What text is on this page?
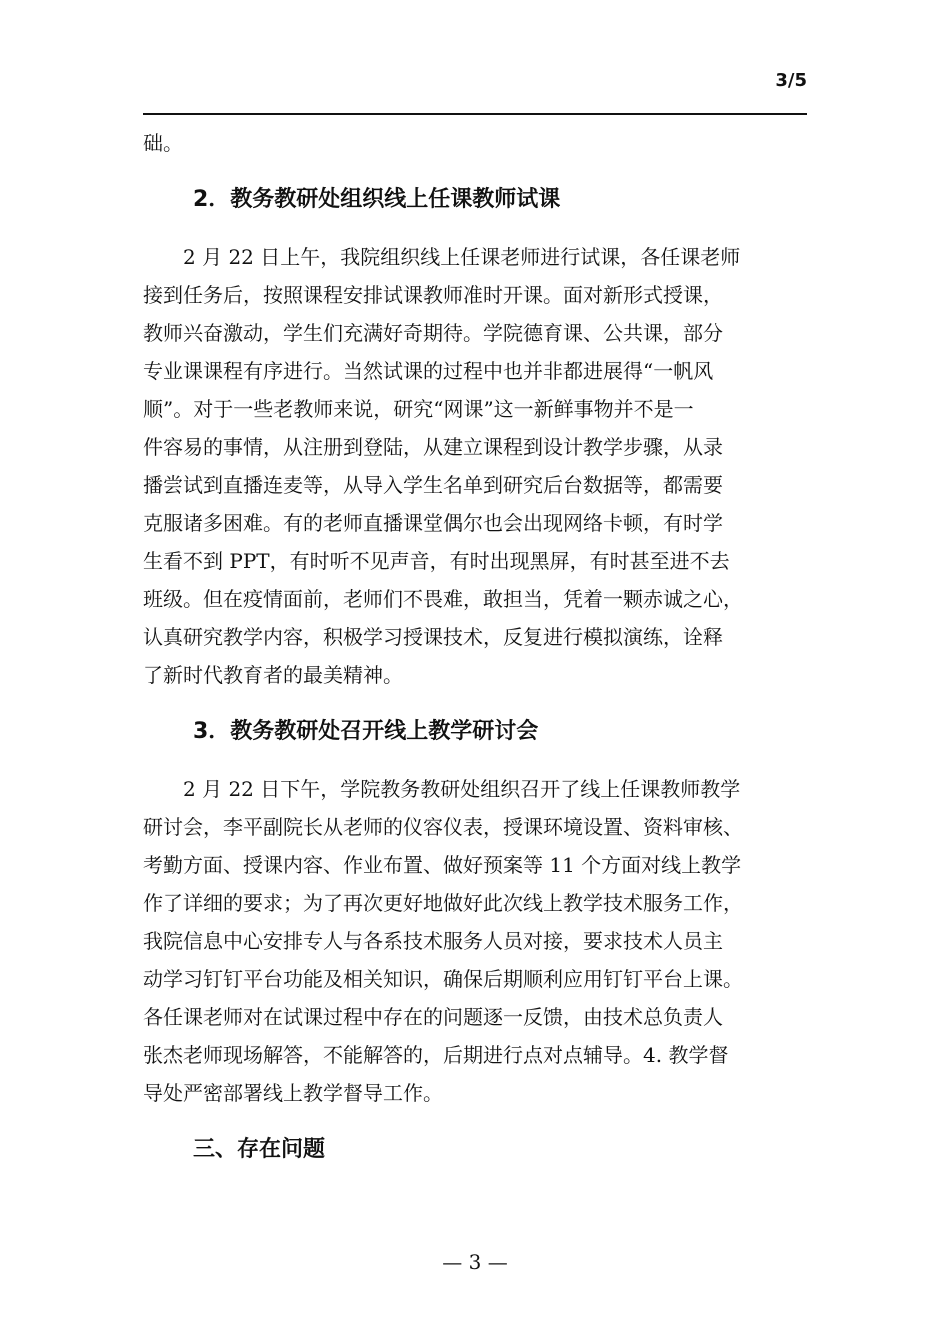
3/5
础。
2．教务教研处组织线上任课教师试课
2 月 22 日上午，我院组织线上任课老师进行试课，各任课老师
接到任务后，按照课程安排试课教师准时开课。面对新形式授课，
教师兴奋激动，学生们充满好奇期待。学院德育课、公共课，部分
专业课课程有序进行。当然试课的过程中也并非都进展得“一帆风
顺”。对于一些老教师来说，研究“网课”这一新鲜事物并不是一
件容易的事情，从注册到登陆，从建立课程到设计教学步骤，从录
播尝试到直播连麦等，从导入学生名单到研究后台数据等，都需要
克服诸多困难。有的老师直播课堂偶尔也会出现网络卡顿，有时学
生看不到 PPT，有时听不见声音，有时出现黑屏，有时甚至进不去
班级。但在疫情面前，老师们不畏难，敢担当，凭着一颗赤诚之心，
认真研究教学内容，积极学习授课技术，反复进行模拟演练，诠释
了新时代教育者的最美精神。
3．教务教研处召开线上教学研讨会
2 月 22 日下午，学院教务教研处组织召开了线上任课教师教学
研讨会，李平副院长从老师的仪容仪表，授课环境设置、资料审核、
考勤方面、授课内容、作业布置、做好预案等 11 个方面对线上教学
作了详细的要求；为了再次更好地做好此次线上教学技术服务工作，
我院信息中心安排专人与各系技术服务人员对接，要求技术人员主
动学习钉钉平台功能及相关知识，确保后期顺利应用钉钉平台上课。
各任课老师对在试课过程中存在的问题逐一反馈，由技术总负责人
张杰老师现场解答，不能解答的，后期进行点对点辅导。4. 教学督
导处严密部署线上教学督导工作。
三、存在问题
— 3 —
